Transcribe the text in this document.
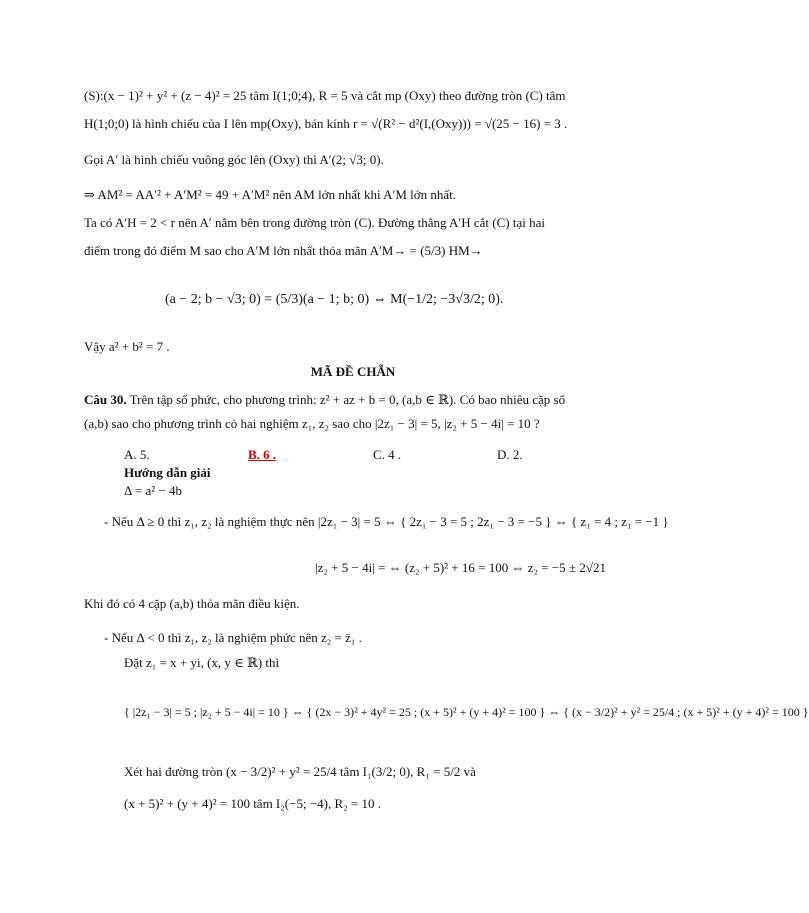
(S):(x − 1)² + y² + (z − 4)² = 25 tâm I(1;0;4), R = 5 và cắt mp (Oxy) theo đường tròn (C) tâm
H(1;0;0) là hình chiếu của I lên mp(Oxy), bán kính r = √(R² − d²(I,(Oxy))) = √(25 − 16) = 3 .
Gọi A′ là hình chiếu vuông góc lên (Oxy) thì A′(2; √3; 0).
⇒ AM² = AA′² + A′M² = 49 + A′M² nên AM lớn nhất khi A′M lớn nhất.
Ta có A′H = 2 < r nên A′ nằm bên trong đường tròn (C). Đường thẳng A′H cắt (C) tại hai
điểm trong đó điểm M sao cho A′M lớn nhất thỏa mãn A′M→ = (5/3) HM→
(a − 2; b − √3; 0) = (5/3)(a − 1; b; 0) ⇔ M(−1/2; −3√3/2; 0).
Vậy a² + b² = 7 .
MÃ ĐỀ CHẴN
Câu 30. Trên tập số phức, cho phương trình: z² + az + b = 0, (a,b ∈ ℝ). Có bao nhiêu cặp số
(a,b) sao cho phương trình có hai nghiệm z₁, z₂ sao cho |2z₁ − 3| = 5, |z₂ + 5 − 4i| = 10 ?
A. 5.	B. 6 .	C. 4 .	D. 2.
Hướng dẫn giải
Δ = a² − 4b
- Nếu Δ ≥ 0 thì z₁, z₂ là nghiệm thực nên |2z₁ − 3| = 5 ⇔ { 2z₁ − 3 = 5 ; 2z₁ − 3 = −5 } ⇔ { z₁ = 4 ; z₁ = −1 }
|z₂ + 5 − 4i| = ⇔ (z₂ + 5)² + 16 = 100 ⇔ z₂ = −5 ± 2√21
Khi đó có 4 cặp (a,b) thỏa mãn điều kiện.
- Nếu Δ < 0 thì z₁, z₂ là nghiệm phức nên z₂ = z̄₁ .
Đặt z₁ = x + yi, (x, y ∈ ℝ) thì
{ |2z₁ − 3| = 5 ; |z₂ + 5 − 4i| = 10 } ⇔ { (2x − 3)² + 4y² = 25 ; (x + 5)² + (y + 4)² = 100 } ⇔ { (x − 3/2)² + y² = 25/4 ; (x + 5)² + (y + 4)² = 100 }
Xét hai đường tròn (x − 3/2)² + y² = 25/4 tâm I₁(3/2; 0), R₁ = 5/2 và
(x + 5)² + (y + 4)² = 100 tâm I₂(−5; −4), R₂ = 10 .
